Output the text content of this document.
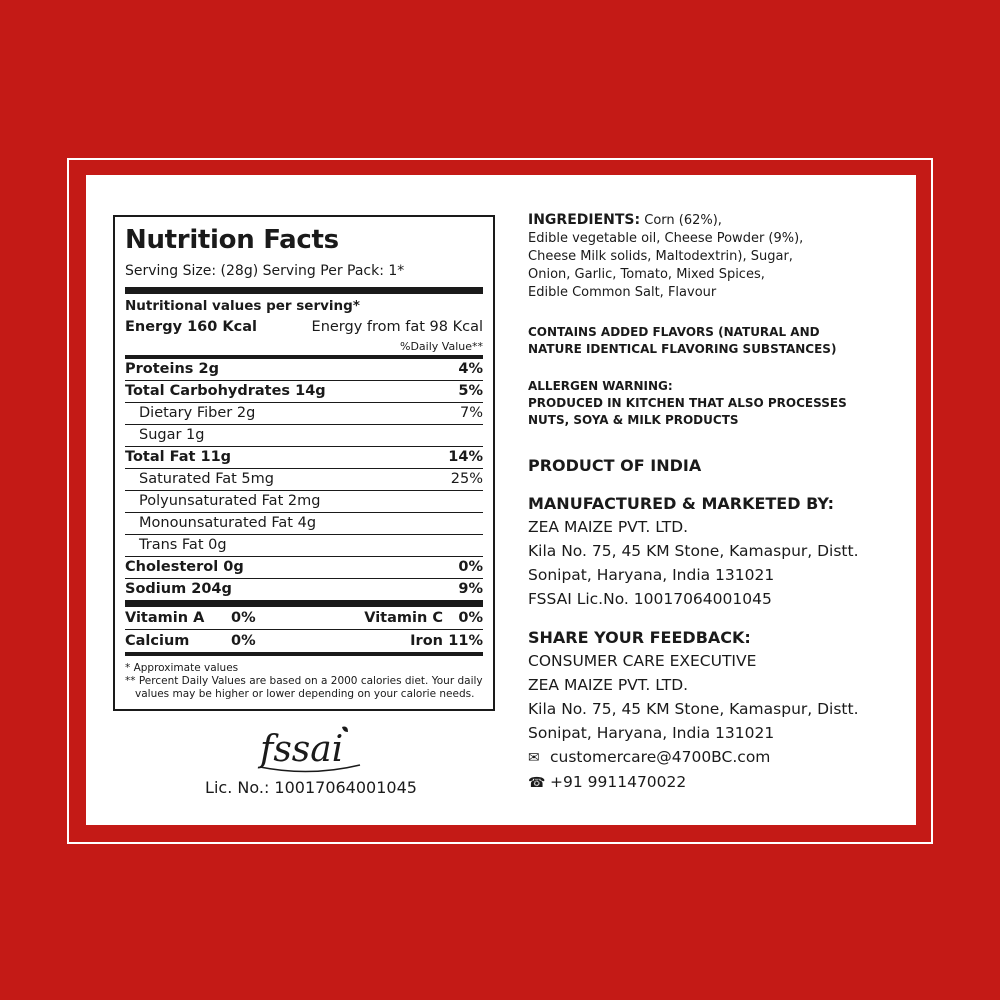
Nutrition Facts
Serving Size: (28g) Serving Per Pack: 1*
Nutritional values per serving*
Energy 160 Kcal	Energy from fat 98 Kcal
%Daily Value**
Proteins 2g	4%
Total Carbohydrates 14g	5%
Dietary Fiber 2g	7%
Sugar 1g
Total Fat 11g	14%
Saturated Fat 5mg	25%
Polyunsaturated Fat 2mg
Monounsaturated Fat 4g
Trans Fat 0g
Cholesterol 0g	0%
Sodium 204g	9%
Vitamin A	0%	Vitamin C	0%
Calcium	0%	Iron 11%
* Approximate values
** Percent Daily Values are based on a 2000 calories diet. Your daily
values may be higher or lower depending on your calorie needs.
fssai
Lic. No.: 10017064001045
INGREDIENTS: Corn (62%),
Edible vegetable oil, Cheese Powder (9%),
Cheese Milk solids, Maltodextrin), Sugar,
Onion, Garlic, Tomato, Mixed Spices,
Edible Common Salt, Flavour
CONTAINS ADDED FLAVORS (NATURAL AND
NATURE IDENTICAL FLAVORING SUBSTANCES)
ALLERGEN WARNING:
PRODUCED IN KITCHEN THAT ALSO PROCESSES
NUTS, SOYA & MILK PRODUCTS
PRODUCT OF INDIA
MANUFACTURED & MARKETED BY:
ZEA MAIZE PVT. LTD.
Kila No. 75, 45 KM Stone, Kamaspur, Distt.
Sonipat, Haryana, India 131021
FSSAI Lic.No. 10017064001045
SHARE YOUR FEEDBACK:
CONSUMER CARE EXECUTIVE
ZEA MAIZE PVT. LTD.
Kila No. 75, 45 KM Stone, Kamaspur, Distt.
Sonipat, Haryana, India 131021
✉ customercare@4700BC.com
☎ +91 9911470022
